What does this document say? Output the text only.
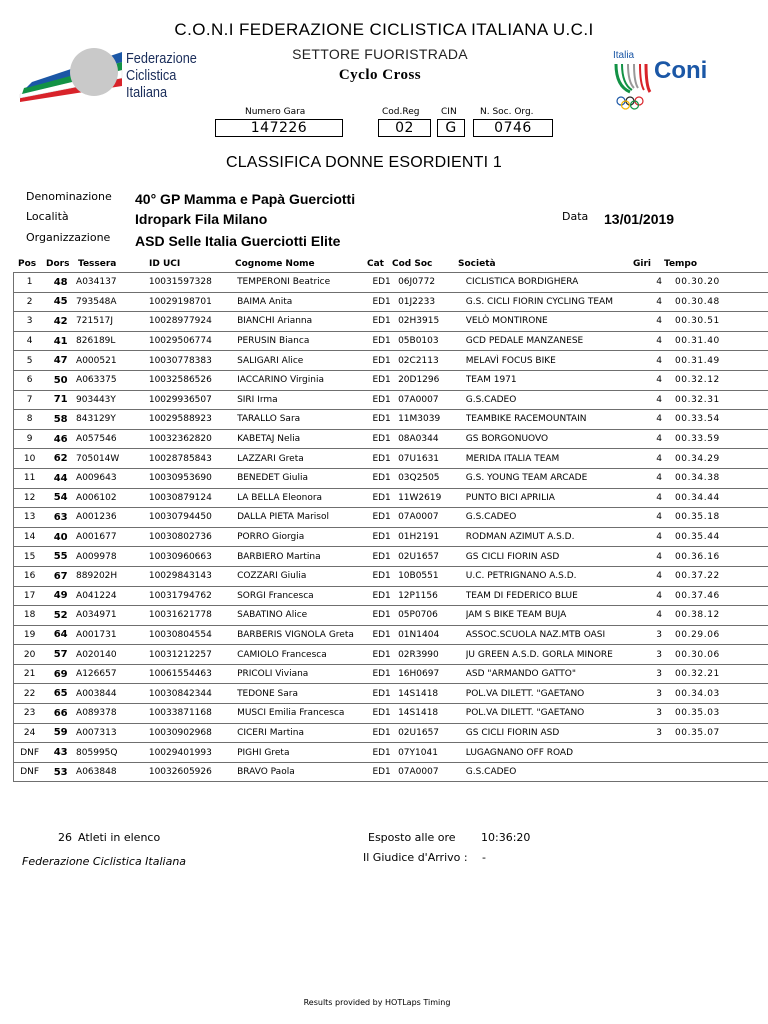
C.O.N.I FEDERAZIONE CICLISTICA ITALIANA U.C.I
SETTORE FUORISTRADA
Cyclo Cross
Federazione
Ciclistica
Italiana
Italia
Coni
Numero Gara
147226
Cod.Reg
02
CIN
G
N. Soc. Org.
0746
CLASSIFICA DONNE ESORDIENTI 1
Denominazione 40° GP Mamma e Papà Guerciotti
Località	Idropark Fila Milano	Data 13/01/2019
Organizzazione ASD Selle Italia Guerciotti Elite
Pos Dors Tessera	ID UCI	Cognome Nome	Cat Cod Soc	Società	Giri Tempo
1	48	A034137	10031597328	TEMPERONI Beatrice	ED1	06J0772	CICLISTICA BORDIGHERA	4	00.30.20
2	45	793548A	10029198701	BAIMA Anita	ED1	01J2233	G.S. CICLI FIORIN CYCLING TEAM	4	00.30.48
3	42	721517J	10028977924	BIANCHI Arianna	ED1	02H3915	VELÒ MONTIRONE	4	00.30.51
4	41	826189L	10029506774	PERUSIN Bianca	ED1	05B0103	GCD PEDALE MANZANESE	4	00.31.40
5	47	A000521	10030778383	SALIGARI Alice	ED1	02C2113	MELAVÌ FOCUS BIKE	4	00.31.49
6	50	A063375	10032586526	IACCARINO Virginia	ED1	20D1296	TEAM 1971	4	00.32.12
7	71	903443Y	10029936507	SIRI Irma	ED1	07A0007	G.S.CADEO	4	00.32.31
8	58	843129Y	10029588923	TARALLO Sara	ED1	11M3039	TEAMBIKE RACEMOUNTAIN	4	00.33.54
9	46	A057546	10032362820	KABETAJ Nelia	ED1	08A0344	GS BORGONUOVO	4	00.33.59
10	62	705014W	10028785843	LAZZARI Greta	ED1	07U1631	MERIDA ITALIA TEAM	4	00.34.29
11	44	A009643	10030953690	BENEDET Giulia	ED1	03Q2505	G.S. YOUNG TEAM ARCADE	4	00.34.38
12	54	A006102	10030879124	LA BELLA Eleonora	ED1	11W2619	PUNTO BICI APRILIA	4	00.34.44
13	63	A001236	10030794450	DALLA PIETA Marisol	ED1	07A0007	G.S.CADEO	4	00.35.18
14	40	A001677	10030802736	PORRO Giorgia	ED1	01H2191	RODMAN AZIMUT A.S.D.	4	00.35.44
15	55	A009978	10030960663	BARBIERO Martina	ED1	02U1657	GS CICLI FIORIN ASD	4	00.36.16
16	67	889202H	10029843143	COZZARI Giulia	ED1	10B0551	U.C. PETRIGNANO A.S.D.	4	00.37.22
17	49	A041224	10031794762	SORGI Francesca	ED1	12P1156	TEAM DI FEDERICO BLUE	4	00.37.46
18	52	A034971	10031621778	SABATINO Alice	ED1	05P0706	JAM S BIKE TEAM BUJA	4	00.38.12
19	64	A001731	10030804554	BARBERIS VIGNOLA Greta	ED1	01N1404	ASSOC.SCUOLA NAZ.MTB OASI	3	00.29.06
20	57	A020140	10031212257	CAMIOLO Francesca	ED1	02R3990	JU GREEN A.S.D. GORLA MINORE	3	00.30.06
21	69	A126657	10061554463	PRICOLI Viviana	ED1	16H0697	ASD "ARMANDO GATTO"	3	00.32.21
22	65	A003844	10030842344	TEDONE Sara	ED1	14S1418	POL.VA DILETT. "GAETANO	3	00.34.03
23	66	A089378	10033871168	MUSCI Emilia Francesca	ED1	14S1418	POL.VA DILETT. "GAETANO	3	00.35.03
24	59	A007313	10030902968	CICERI Martina	ED1	02U1657	GS CICLI FIORIN ASD	3	00.35.07
DNF	43	805995Q	10029401993	PIGHI Greta	ED1	07Y1041	LUGAGNANO OFF ROAD		
DNF	53	A063848	10032605926	BRAVO Paola	ED1	07A0007	G.S.CADEO		
26 Atleti in elenco	Esposto alle ore 10:36:20
Federazione Ciclistica Italiana	Il Giudice d'Arrivo : -
Results provided by HOTLaps Timing
